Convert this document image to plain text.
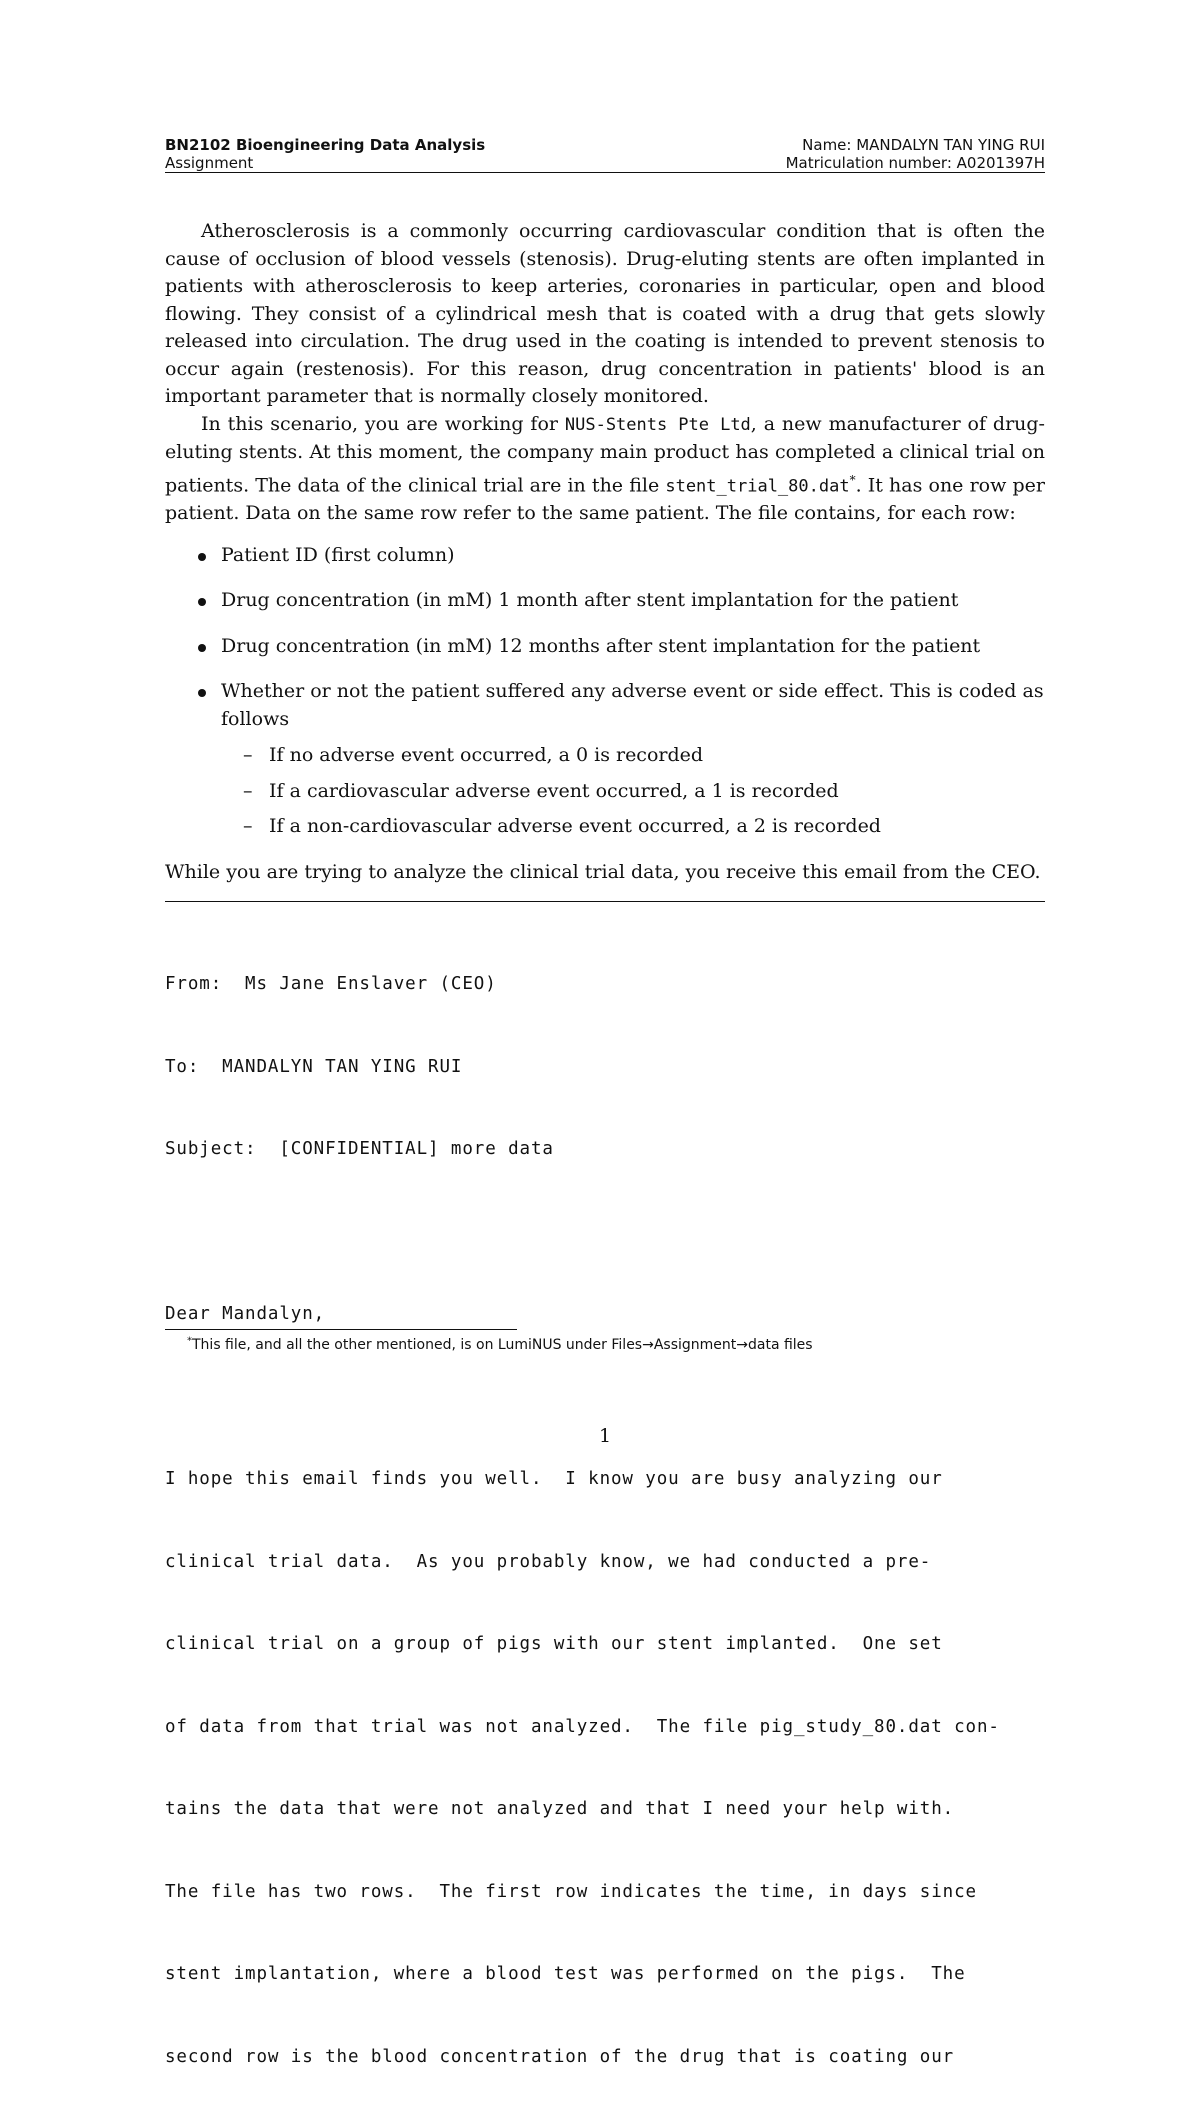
BN2102 Bioengineering Data Analysis
Assignment
Name: MANDALYN TAN YING RUI
Matriculation number: A0201397H

Atherosclerosis is a commonly occurring cardiovascular condition that is often the cause of occlusion of blood vessels (stenosis). Drug-eluting stents are often implanted in patients with atherosclerosis to keep arteries, coronaries in particular, open and blood flowing. They consist of a cylindrical mesh that is coated with a drug that gets slowly released into circulation. The drug used in the coating is intended to prevent stenosis to occur again (restenosis). For this reason, drug concentration in patients' blood is an important parameter that is normally closely monitored.

In this scenario, you are working for NUS-Stents Pte Ltd, a new manufacturer of drug-eluting stents. At this moment, the company main product has completed a clinical trial on patients. The data of the clinical trial are in the file stent_trial_80.dat*. It has one row per patient. Data on the same row refer to the same patient. The file contains, for each row:

Patient ID (first column)
Drug concentration (in mM) 1 month after stent implantation for the patient
Drug concentration (in mM) 12 months after stent implantation for the patient
Whether or not the patient suffered any adverse event or side effect. This is coded as follows
– If no adverse event occurred, a 0 is recorded
– If a cardiovascular adverse event occurred, a 1 is recorded
– If a non-cardiovascular adverse event occurred, a 2 is recorded

While you are trying to analyze the clinical trial data, you receive this email from the CEO.

From:  Ms Jane Enslaver (CEO)

To:  MANDALYN TAN YING RUI

Subject:  [CONFIDENTIAL] more data

Dear Mandalyn,

I hope this email finds you well.  I know you are busy analyzing our

clinical trial data.  As you probably know, we had conducted a pre-

clinical trial on a group of pigs with our stent implanted.  One set

of data from that trial was not analyzed.  The file pig_study_80.dat con-

tains the data that were not analyzed and that I need your help with.

The file has two rows.  The first row indicates the time, in days since

stent implantation, where a blood test was performed on the pigs.  The

second row is the blood concentration of the drug that is coating our

*This file, and all the other mentioned, is on LumiNUS under Files→Assignment→data files
1
